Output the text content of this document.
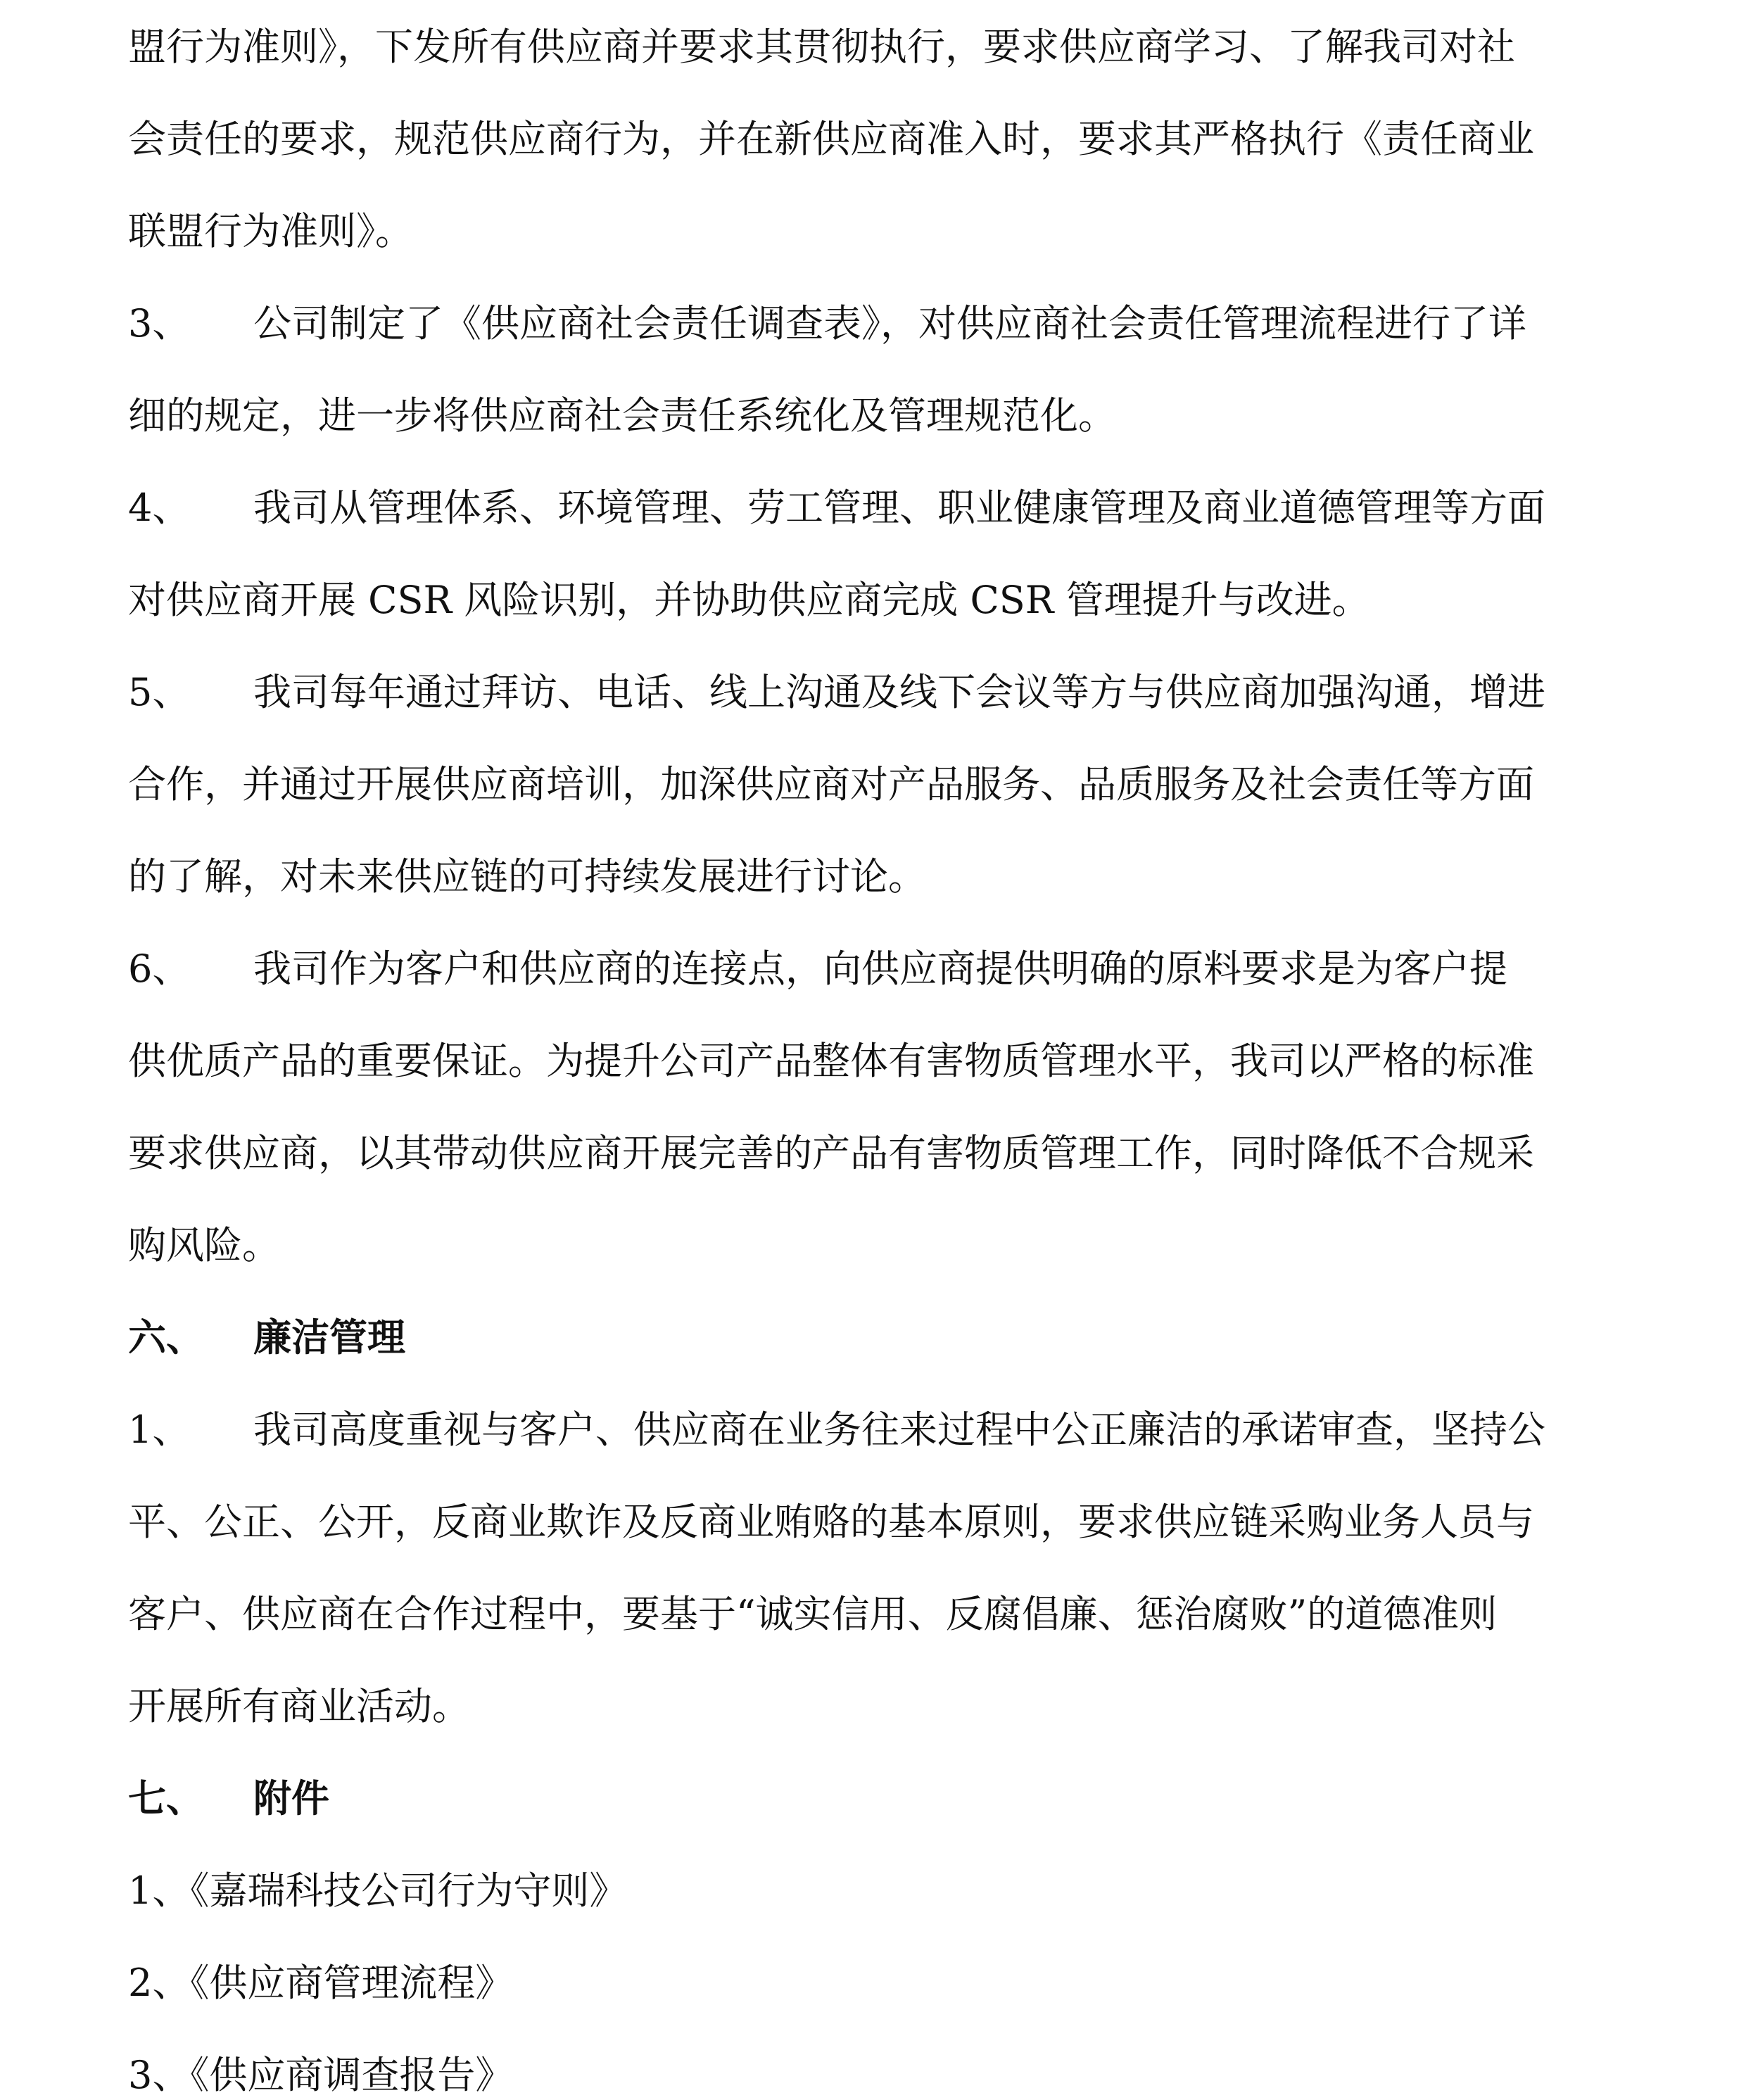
盟行为准则》，下发所有供应商并要求其贯彻执行，要求供应商学习、了解我司对社
会责任的要求，规范供应商行为，并在新供应商准入时，要求其严格执行《责任商业
联盟行为准则》。
3、 公司制定了《供应商社会责任调查表》，对供应商社会责任管理流程进行了详
细的规定，进一步将供应商社会责任系统化及管理规范化。
4、 我司从管理体系、环境管理、劳工管理、职业健康管理及商业道德管理等方面
对供应商开展 CSR 风险识别，并协助供应商完成 CSR 管理提升与改进。
5、 我司每年通过拜访、电话、线上沟通及线下会议等方与供应商加强沟通，增进
合作，并通过开展供应商培训，加深供应商对产品服务、品质服务及社会责任等方面
的了解，对未来供应链的可持续发展进行讨论。
6、 我司作为客户和供应商的连接点，向供应商提供明确的原料要求是为客户提
供优质产品的重要保证。为提升公司产品整体有害物质管理水平，我司以严格的标准
要求供应商，以其带动供应商开展完善的产品有害物质管理工作，同时降低不合规采
购风险。
六、 廉洁管理
1、 我司高度重视与客户、供应商在业务往来过程中公正廉洁的承诺审查，坚持公
平、公正、公开，反商业欺诈及反商业贿赂的基本原则，要求供应链采购业务人员与
客户、供应商在合作过程中，要基于“诚实信用、反腐倡廉、惩治腐败”的道德准则
开展所有商业活动。
七、 附件
1、《嘉瑞科技公司行为守则》
2、《供应商管理流程》
3、《供应商调查报告》
